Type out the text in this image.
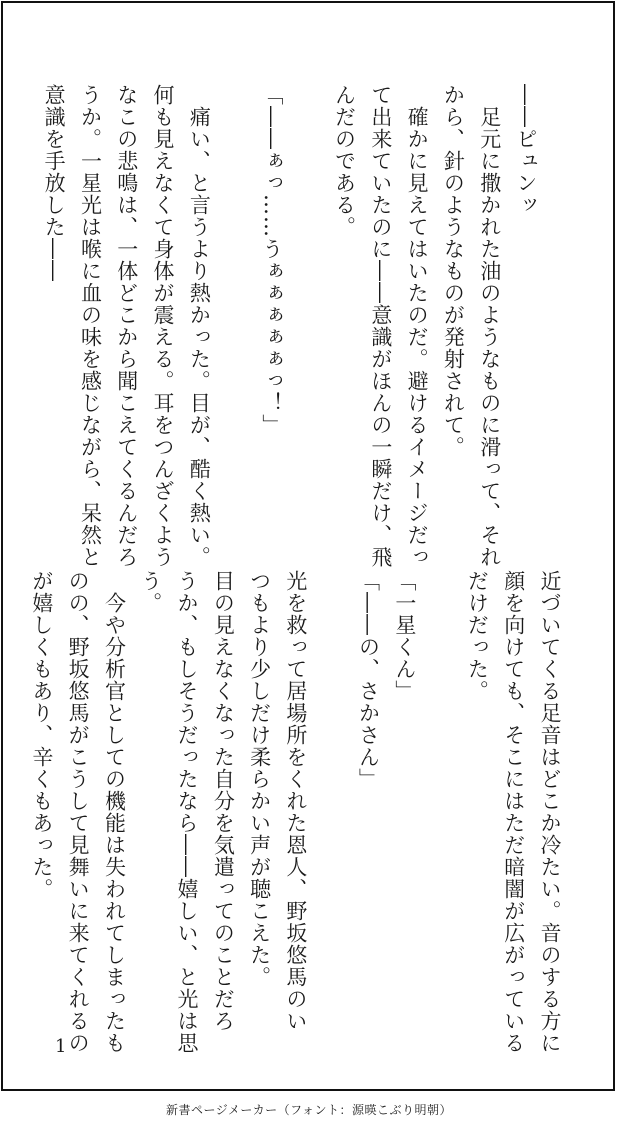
――ピュンッ

　足元に撒かれた油のようなものに滑って、それ

から、針のようなものが発射されて。

　確かに見えてはいたのだ。避けるイメージだっ

て出来ていたのに――意識がほんの一瞬だけ、飛

んだのである。

「――ぁっ……うぁぁぁぁぁっ！」

　痛い、と言うより熱かった。目が、酷く熱い。

何も見えなくて身体が震える。耳をつんざくよう

なこの悲鳴は、一体どこから聞こえてくるんだろ

うか。一星光は喉に血の味を感じながら、呆然と

意識を手放した――

近づいてくる足音はどこか冷たい。音のする方に

顔を向けても、そこにはただ暗闇が広がっている

だけだった。

「一星くん」

「――の、さかさん」

光を救って居場所をくれた恩人、野坂悠馬のい

つもより少しだけ柔らかい声が聴こえた。

目の見えなくなった自分を気遣ってのことだろ

うか、もしそうだったなら――嬉しい、と光は思

う。

　今や分析官としての機能は失われてしまったも

のの、野坂悠馬がこうして見舞いに来てくれるの

が嬉しくもあり、辛くもあった。

1
新書ページメーカー（フォント：源暎こぶり明朝）
